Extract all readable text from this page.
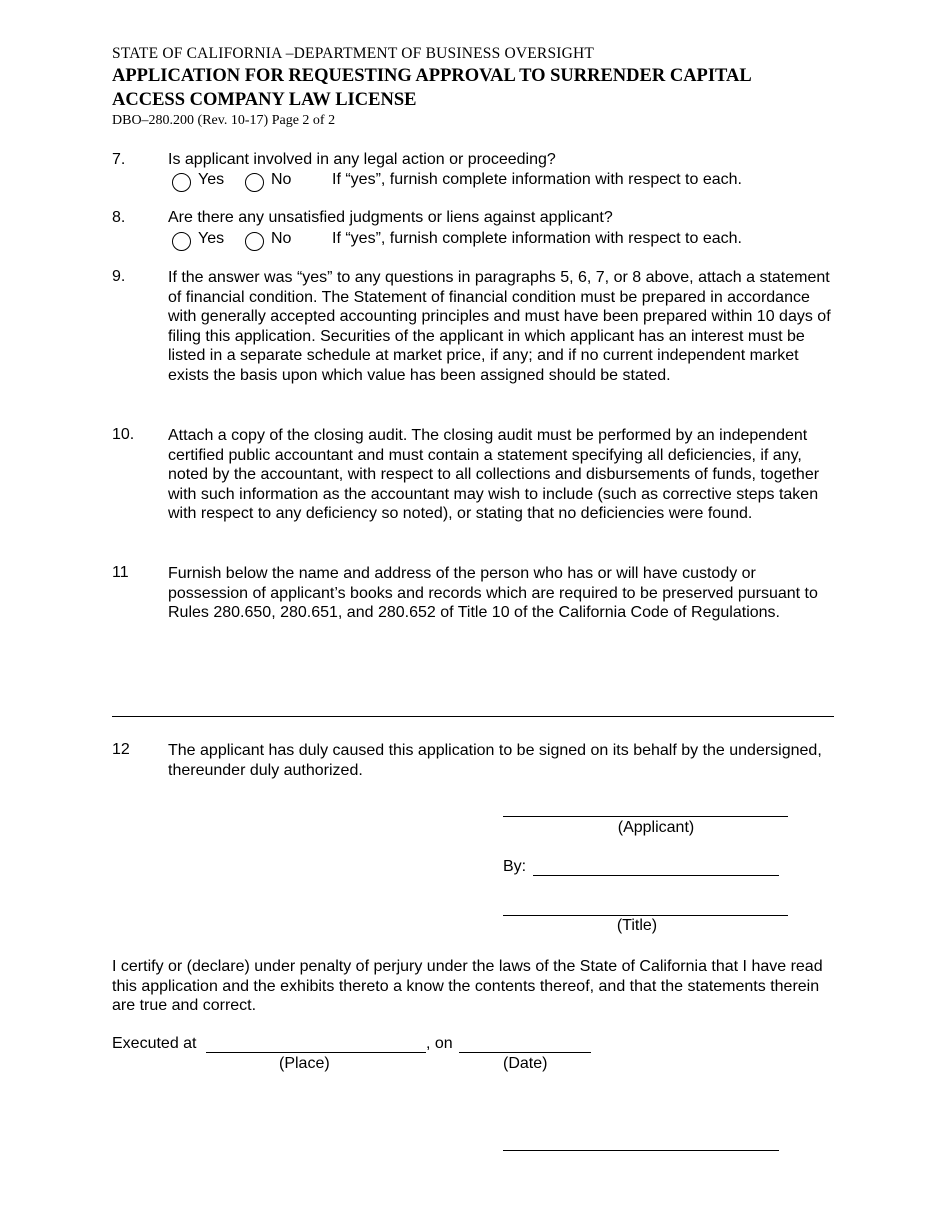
STATE OF CALIFORNIA –DEPARTMENT OF BUSINESS OVERSIGHT
APPLICATION FOR REQUESTING APPROVAL TO SURRENDER CAPITAL
ACCESS COMPANY LAW LICENSE
DBO–280.200 (Rev. 10-17) Page 2 of 2
7.	Is applicant involved in any legal action or proceeding?
Yes	No	If “yes”, furnish complete information with respect to each.
8.	Are there any unsatisfied judgments or liens against applicant?
Yes	No	If “yes”, furnish complete information with respect to each.
9.	If the answer was “yes” to any questions in paragraphs 5, 6, 7, or 8 above, attach a statement of financial condition. The Statement of financial condition must be prepared in accordance with generally accepted accounting principles and must have been prepared within 10 days of filing this application. Securities of the applicant in which applicant has an interest must be listed in a separate schedule at market price, if any; and if no current independent market exists the basis upon which value has been assigned should be stated.
10. Attach a copy of the closing audit. The closing audit must be performed by an independent certified public accountant and must contain a statement specifying all deficiencies, if any, noted by the accountant, with respect to all collections and disbursements of funds, together with such information as the accountant may wish to include (such as corrective steps taken with respect to any deficiency so noted), or stating that no deficiencies were found.
11 Furnish below the name and address of the person who has or will have custody or possession of applicant’s books and records which are required to be preserved pursuant to Rules 280.650, 280.651, and 280.652 of Title 10 of the California Code of Regulations.
12 The applicant has duly caused this application to be signed on its behalf by the undersigned, thereunder duly authorized.
(Applicant)
By:
(Title)
I certify or (declare) under penalty of perjury under the laws of the State of California that I have read this application and the exhibits thereto a know the contents thereof, and that the statements therein are true and correct.
Executed at	, on
(Place)	(Date)
